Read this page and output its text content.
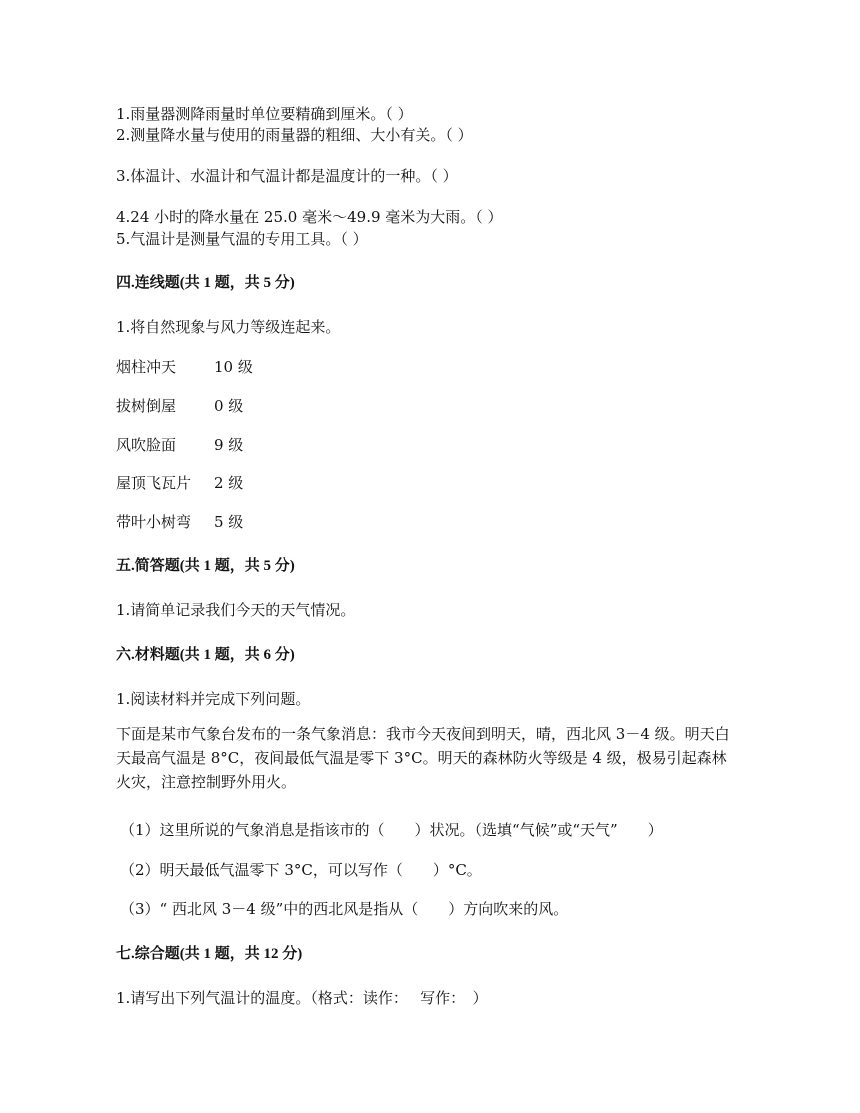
1.雨量器测降雨量时单位要精确到厘米。（ ）
2.测量降水量与使用的雨量器的粗细、大小有关。（ ）
3.体温计、水温计和气温计都是温度计的一种。（ ）
4.24 小时的降水量在 25.0 毫米～49.9 毫米为大雨。（ ）
5.气温计是测量气温的专用工具。（ ）
四.连线题(共 1 题，共 5 分)
1.将自然现象与风力等级连起来。
烟柱冲天	10 级
拔树倒屋	0 级
风吹脸面	9 级
屋顶飞瓦片 2 级
带叶小树弯 5 级
五.简答题(共 1 题，共 5 分)
1.请简单记录我们今天的天气情况。
六.材料题(共 1 题，共 6 分)
1.阅读材料并完成下列问题。
下面是某市气象台发布的一条气象消息：我市今天夜间到明天，晴，西北风 3－4 级。明天白天最高气温是 8°C，夜间最低气温是零下 3°C。明天的森林防火等级是 4 级，极易引起森林火灾，注意控制野外用火。
（1）这里所说的气象消息是指该市的（　　）状况。（选填“气候”或“天气”　　）
（2）明天最低气温零下 3°C，可以写作（　　）°C。
（3）“ 西北风 3－4 级”中的西北风是指从（　　）方向吹来的风。
七.综合题(共 1 题，共 12 分)
1.请写出下列气温计的温度。（格式：读作：　 写作：　）
